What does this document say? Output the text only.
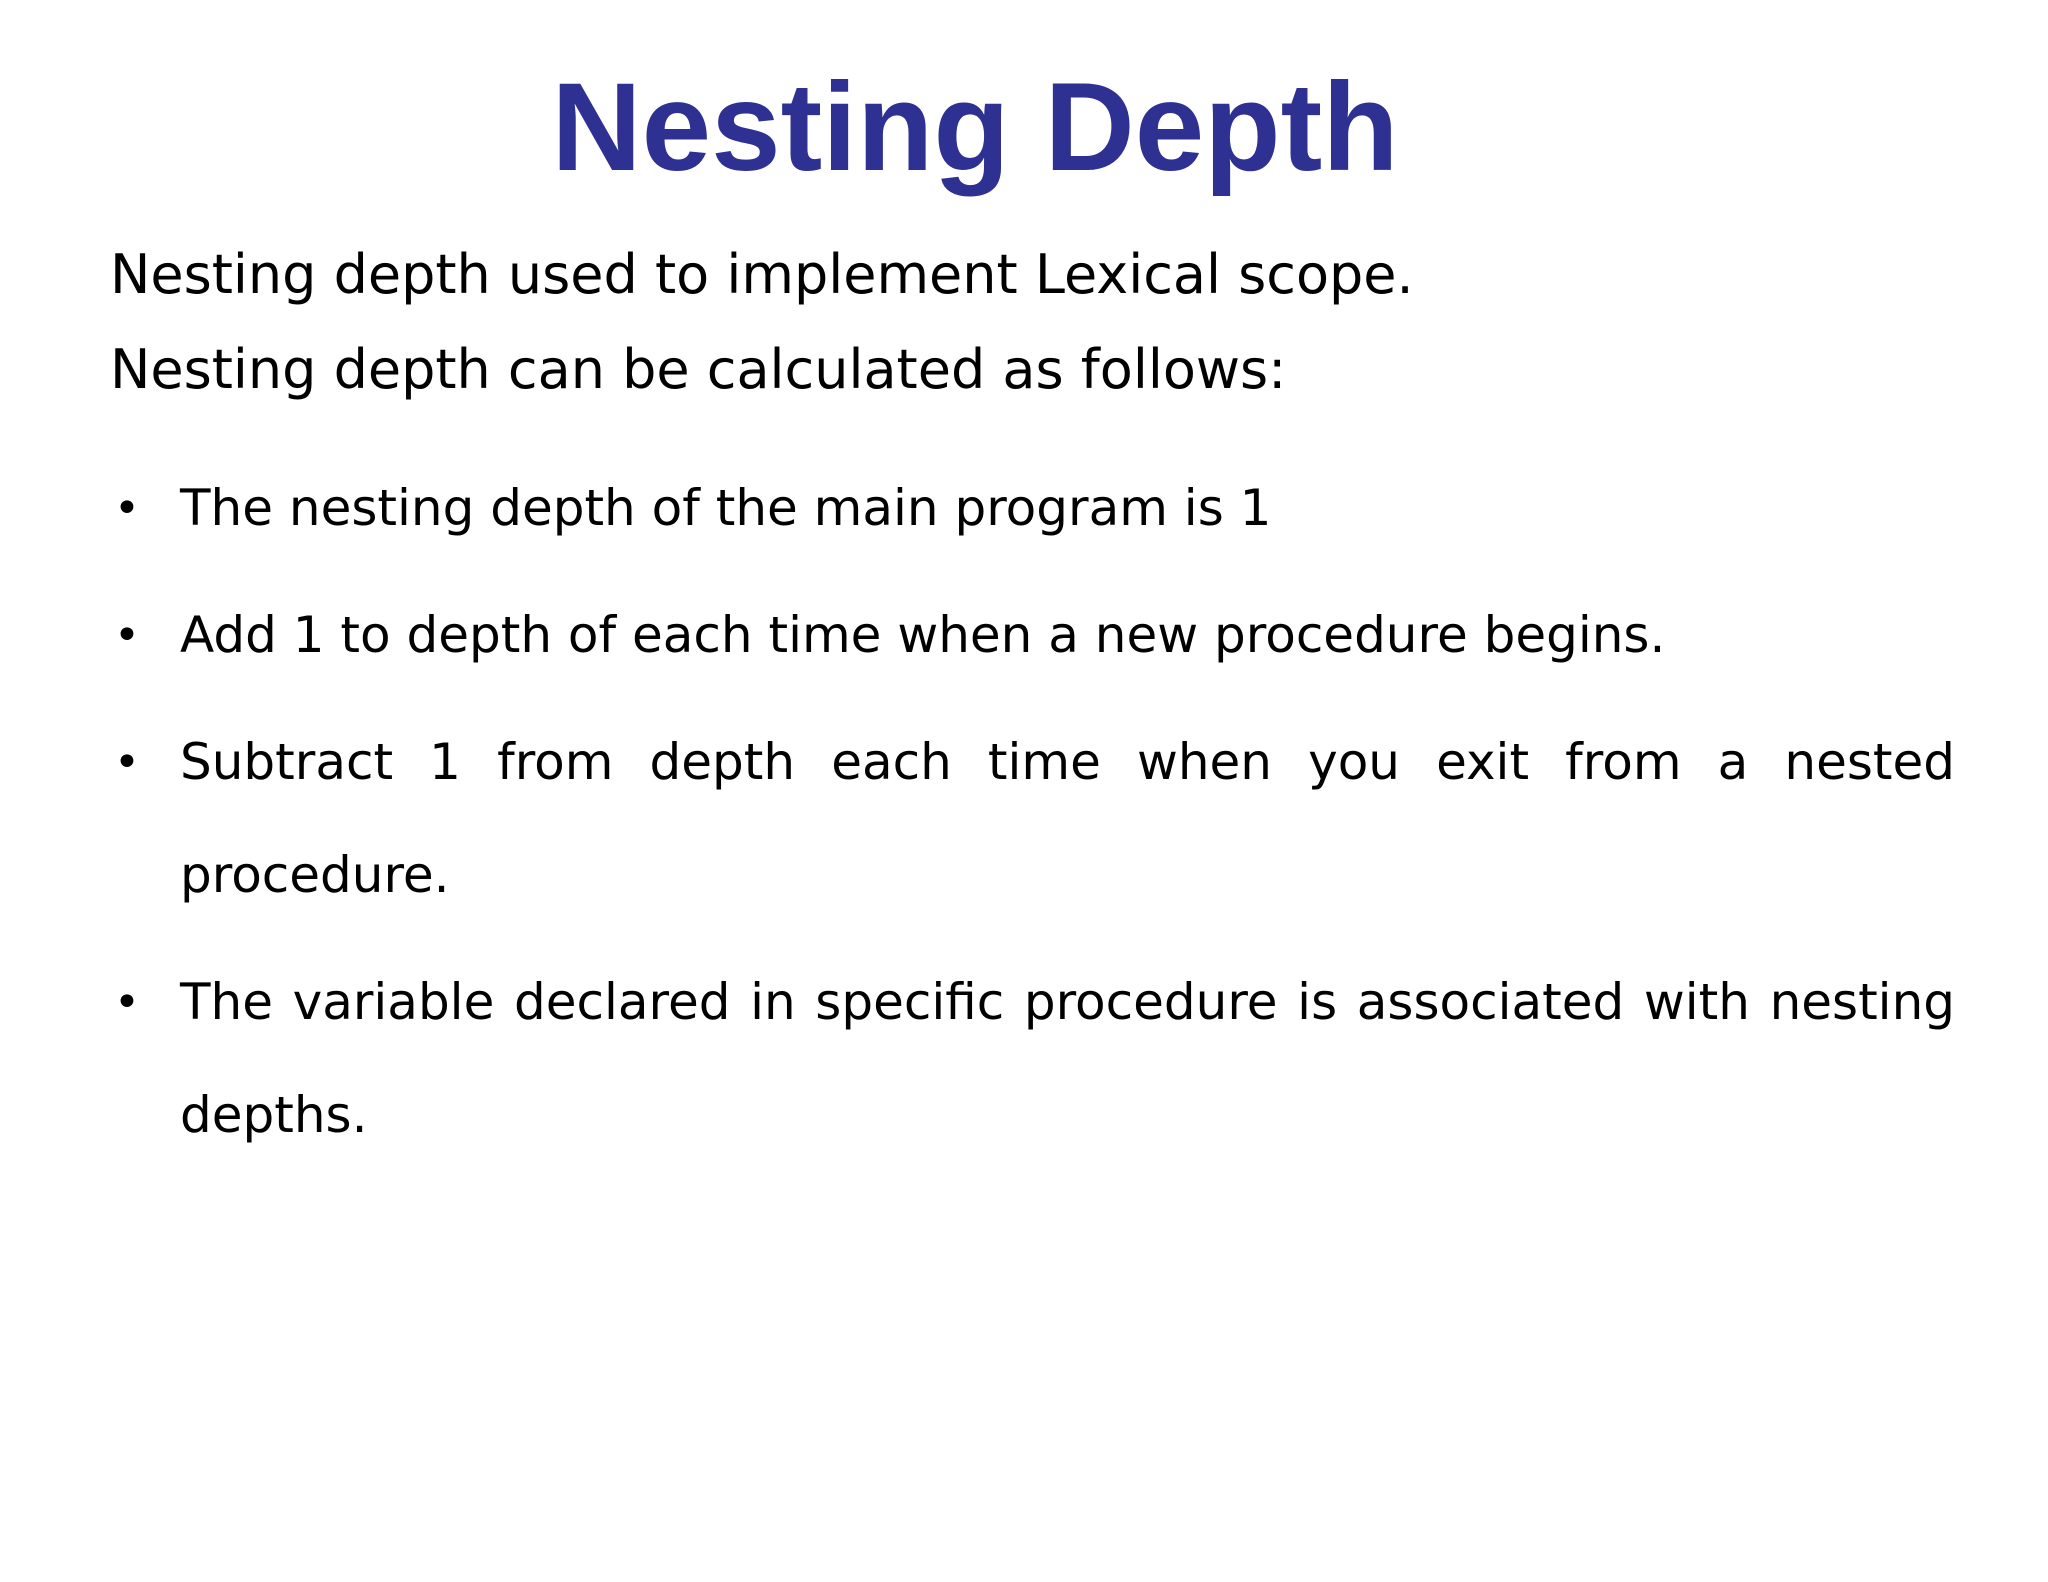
Nesting Depth

Nesting depth used to implement Lexical scope.

Nesting depth can be calculated as follows:

• The nesting depth of the main program is 1
• Add 1 to depth of each time when a new procedure begins.
• Subtract 1 from depth each time when you exit from a nested procedure.
• The variable declared in specific procedure is associated with nesting depths.
